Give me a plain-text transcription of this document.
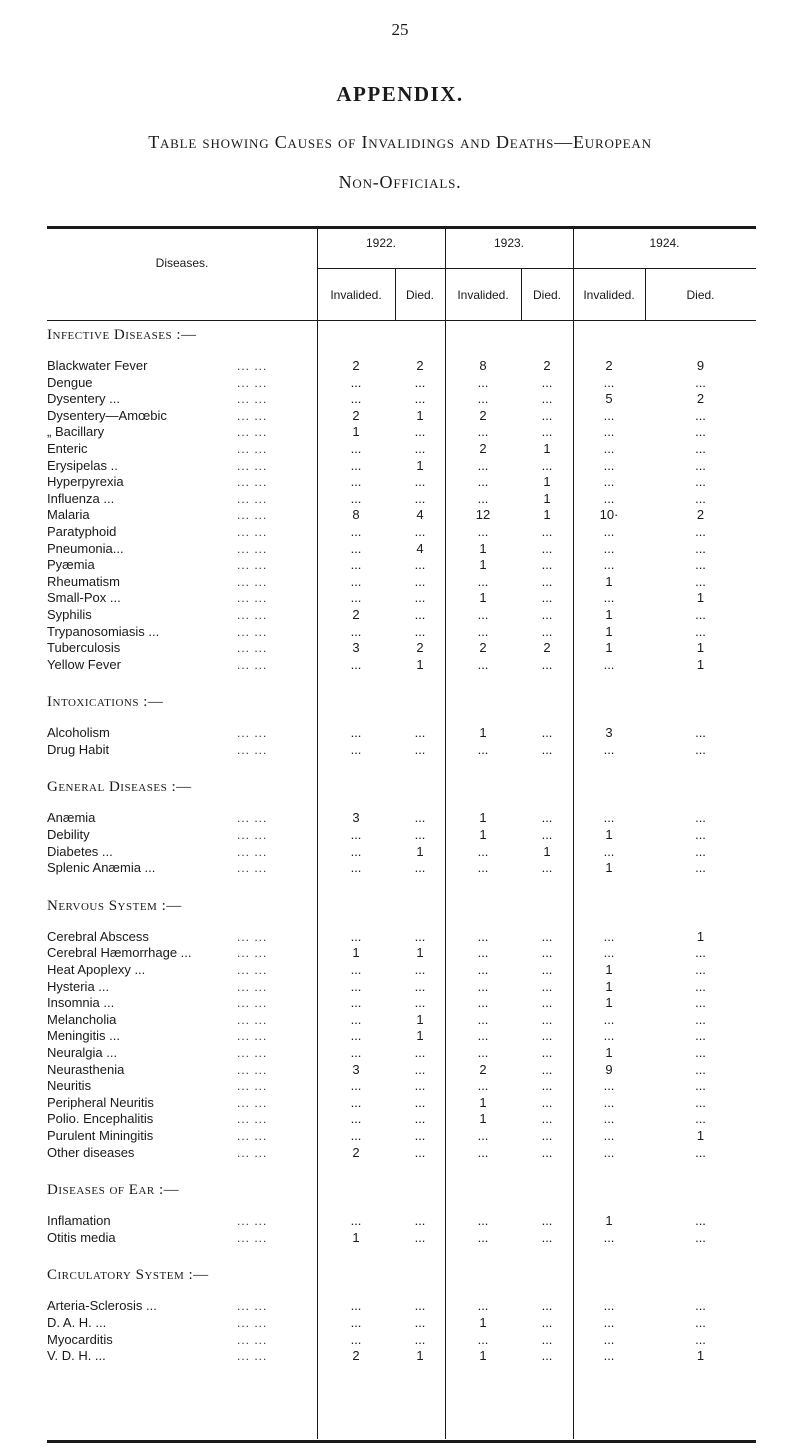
25
APPENDIX.
Table showing Causes of Invalidings and Deaths—European
Non-Officials.
Diseases.
1922.	1923.	1924.
Invalided.	Died.	Invalided.	Died.	Invalided.	Died.
Infective Diseases :—
Blackwater Fever	... ...	2	2	8	2	2	9
Dengue	... ...	...	...	...	...	...	...
Dysentery ...	... ...	...	...	...	...	5	2
Dysentery—Amœbic	... ...	2	1	2	...	...	...
„ Bacillary	... ...	1	...	...	...	...	...
Enteric	... ...	...	...	2	1	...	...
Erysipelas ..	... ...	...	1	...	...	...	...
Hyperpyrexia	... ...	...	...	...	1	...	...
Influenza ...	... ...	...	...	...	1	...	...
Malaria	... ...	8	4	12	1	10·	2
Paratyphoid	... ...	...	...	...	...	...	...
Pneumonia...	... ...	...	4	1	...	...	...
Pyæmia	... ...	...	...	1	...	...	...
Rheumatism	... ...	...	...	...	...	1	...
Small-Pox ...	... ...	...	...	1	...	...	1
Syphilis	... ...	2	...	...	...	1	...
Trypanosomiasis ...	... ...	...	...	...	...	1	...
Tuberculosis	... ...	3	2	2	2	1	1
Yellow Fever	... ...	...	1	...	...	...	1
Intoxications :—
Alcoholism	... ...	...	...	1	...	3	...
Drug Habit	... ...	...	...	...	...	...	...
General Diseases :—
Anæmia	... ...	3	...	1	...	...	...
Debility	... ...	...	...	1	...	1	...
Diabetes ...	... ...	...	1	...	1	...	...
Splenic Anæmia ...	... ...	...	...	...	...	1	...
Nervous System :—
Cerebral Abscess	... ...	...	...	...	...	...	1
Cerebral Hæmorrhage ...	... ...	1	1	...	...	...	...
Heat Apoplexy ...	... ...	...	...	...	...	1	...
Hysteria ...	... ...	...	...	...	...	1	...
Insomnia ...	... ...	...	...	...	...	1	...
Melancholia	... ...	...	1	...	...	...	...
Meningitis ...	... ...	...	1	...	...	...	...
Neuralgia ...	... ...	...	...	...	...	1	...
Neurasthenia	... ...	3	...	2	...	9	...
Neuritis	... ...	...	...	...	...	...	...
Peripheral Neuritis	... ...	...	...	1	...	...	...
Polio. Encephalitis	... ...	...	...	1	...	...	...
Purulent Miningitis	... ...	...	...	...	...	...	1
Other diseases	... ...	2	...	...	...	...	...
Diseases of Ear :—
Inflamation	... ...	...	...	...	...	1	...
Otitis media	... ...	1	...	...	...	...	...
Circulatory System :—
Arteria-Sclerosis ...	... ...	...	...	...	...	...	...
D. A. H. ...	... ...	...	...	1	...	...	...
Myocarditis	... ...	...	...	...	...	...	...
V. D. H. ...	... ...	2	1	1	...	...	1
